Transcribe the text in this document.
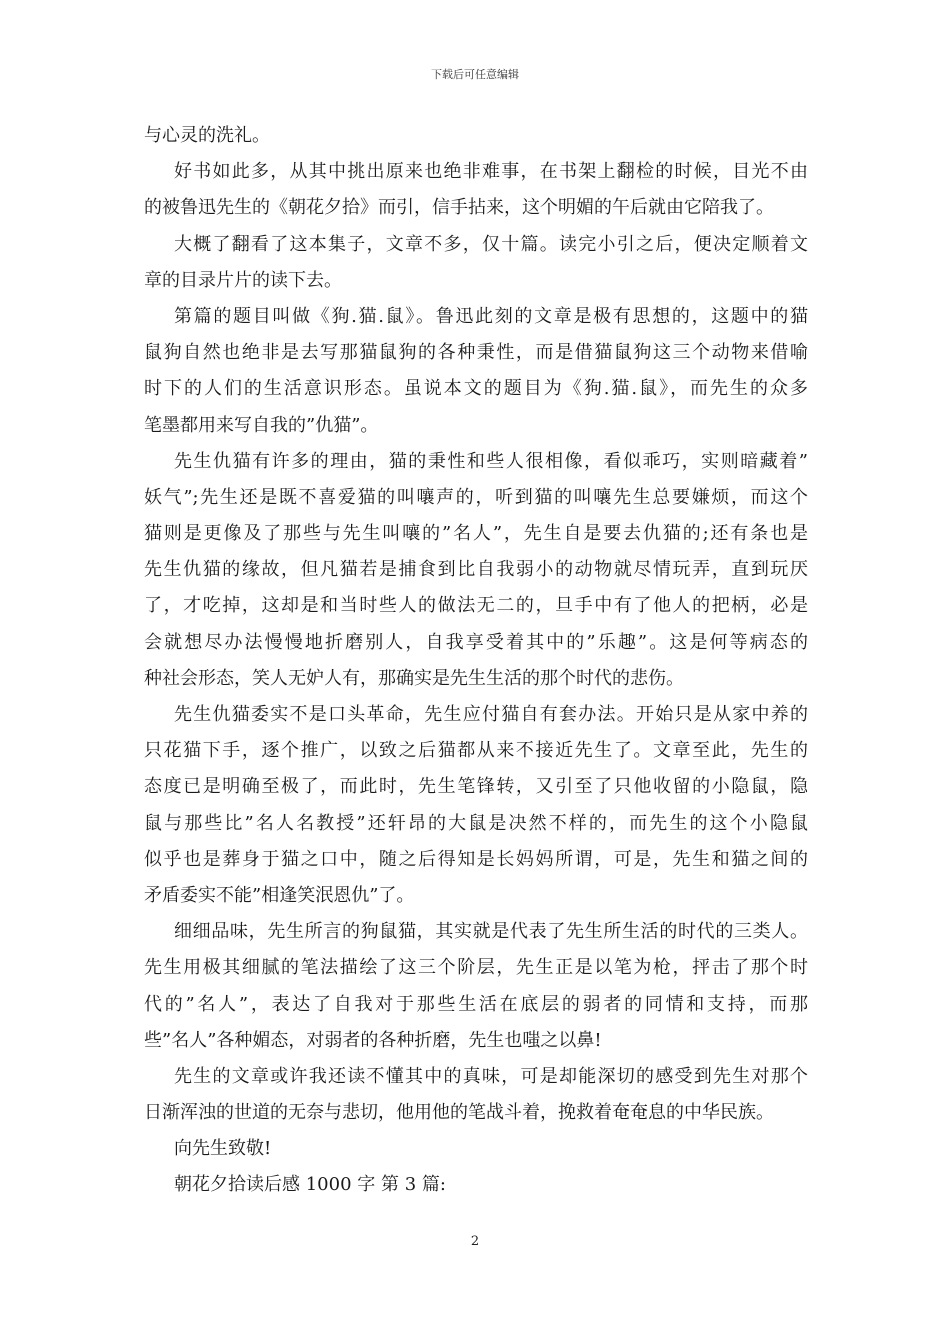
下载后可任意编辑
与心灵的洗礼。
好书如此多，从其中挑出原来也绝非难事，在书架上翻检的时候，目光不由
的被鲁迅先生的《朝花夕拾》而引，信手拈来，这个明媚的午后就由它陪我了。
大概了翻看了这本集子，文章不多，仅十篇。读完小引之后，便决定顺着文
章的目录片片的读下去。
第篇的题目叫做《狗.猫.鼠》。鲁迅此刻的文章是极有思想的，这题中的猫
鼠狗自然也绝非是去写那猫鼠狗的各种秉性，而是借猫鼠狗这三个动物来借喻
时下的人们的生活意识形态。虽说本文的题目为《狗.猫.鼠》，而先生的众多
笔墨都用来写自我的”仇猫”。
先生仇猫有许多的理由，猫的秉性和些人很相像，看似乖巧，实则暗藏着”
妖气”;先生还是既不喜爱猫的叫嚷声的，听到猫的叫嚷先生总要嫌烦，而这个
猫则是更像及了那些与先生叫嚷的”名人”，先生自是要去仇猫的;还有条也是
先生仇猫的缘故，但凡猫若是捕食到比自我弱小的动物就尽情玩弄，直到玩厌
了，才吃掉，这却是和当时些人的做法无二的，旦手中有了他人的把柄，必是
会就想尽办法慢慢地折磨别人，自我享受着其中的”乐趣”。这是何等病态的
种社会形态，笑人无妒人有，那确实是先生生活的那个时代的悲伤。
先生仇猫委实不是口头革命，先生应付猫自有套办法。开始只是从家中养的
只花猫下手，逐个推广，以致之后猫都从来不接近先生了。文章至此，先生的
态度已是明确至极了，而此时，先生笔锋转，又引至了只他收留的小隐鼠，隐
鼠与那些比”名人名教授”还轩昂的大鼠是决然不样的，而先生的这个小隐鼠
似乎也是葬身于猫之口中，随之后得知是长妈妈所谓，可是，先生和猫之间的
矛盾委实不能”相逢笑泯恩仇”了。
细细品味，先生所言的狗鼠猫，其实就是代表了先生所生活的时代的三类人。
先生用极其细腻的笔法描绘了这三个阶层，先生正是以笔为枪，抨击了那个时
代的”名人”，表达了自我对于那些生活在底层的弱者的同情和支持，而那
些”名人”各种媚态，对弱者的各种折磨，先生也嗤之以鼻!
先生的文章或许我还读不懂其中的真味，可是却能深切的感受到先生对那个
日渐浑浊的世道的无奈与悲切，他用他的笔战斗着，挽救着奄奄息的中华民族。
向先生致敬!
朝花夕拾读后感 1000 字 第 3 篇:
2
